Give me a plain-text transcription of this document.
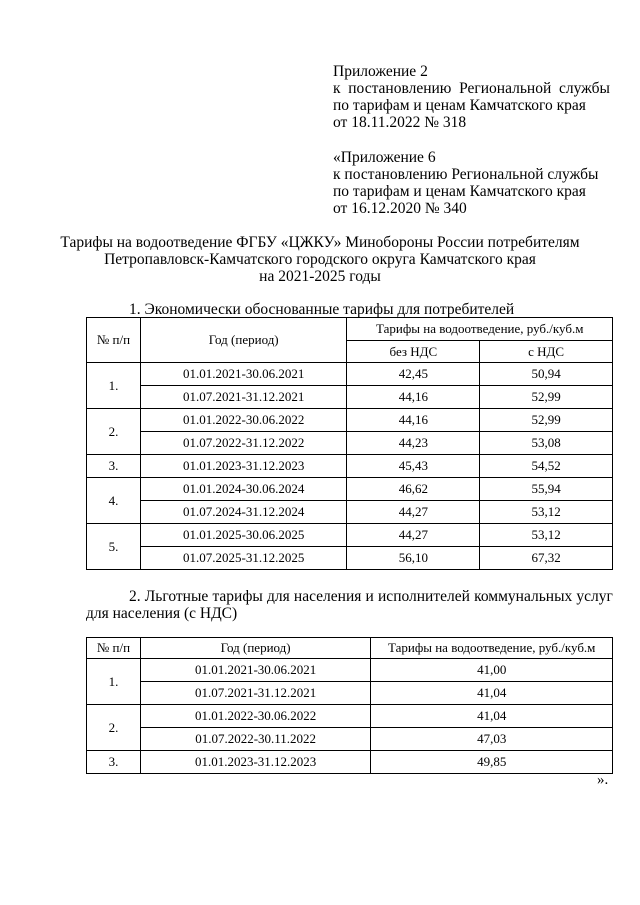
Приложение 2
к постановлению Региональной службы
по тарифам и ценам Камчатского края
от 18.11.2022 № 318
«Приложение 6
к постановлению Региональной службы
по тарифам и ценам Камчатского края
от 16.12.2020 № 340
Тарифы на водоотведение ФГБУ «ЦЖКУ» Минобороны России потребителям
Петропавловск-Камчатского городского округа Камчатского края
на 2021-2025 годы
1. Экономически обоснованные тарифы для потребителей
№ п/п	Год (период)	Тарифы на водоотведение, руб./куб.м	
		без НДС	с НДС
1.	01.01.2021-30.06.2021	42,45	50,94
	01.07.2021-31.12.2021	44,16	52,99
2.	01.01.2022-30.06.2022	44,16	52,99
	01.07.2022-31.12.2022	44,23	53,08
3.	01.01.2023-31.12.2023	45,43	54,52
4.	01.01.2024-30.06.2024	46,62	55,94
	01.07.2024-31.12.2024	44,27	53,12
5.	01.01.2025-30.06.2025	44,27	53,12
	01.07.2025-31.12.2025	56,10	67,32
2. Льготные тарифы для населения и исполнителей коммунальных услуг
для населения (с НДС)
№ п/п	Год (период)	Тарифы на водоотведение, руб./куб.м
1.	01.01.2021-30.06.2021	41,00
	01.07.2021-31.12.2021	41,04
2.	01.01.2022-30.06.2022	41,04
	01.07.2022-30.11.2022	47,03
3.	01.01.2023-31.12.2023	49,85
».
